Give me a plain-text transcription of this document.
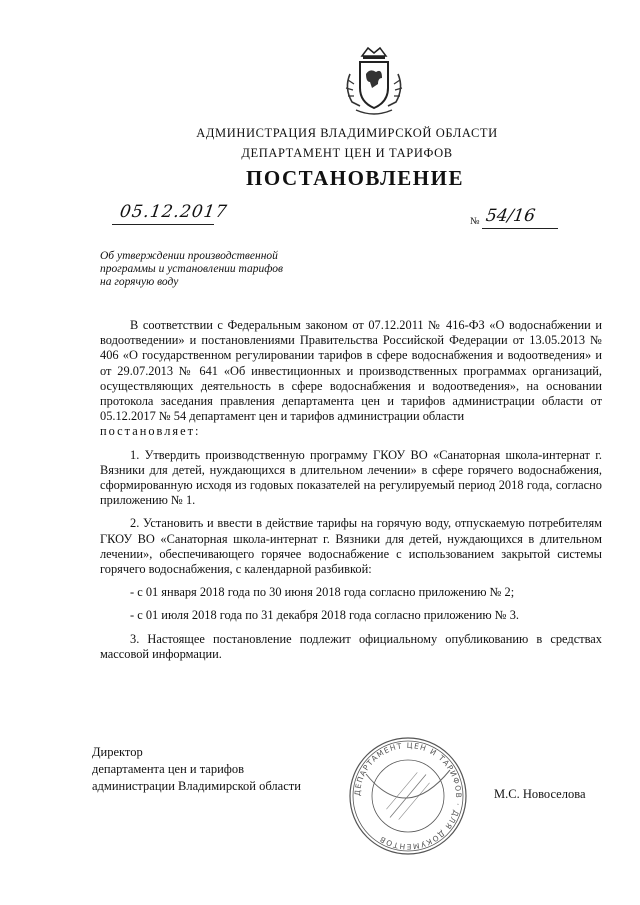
АДМИНИСТРАЦИЯ ВЛАДИМИРСКОЙ ОБЛАСТИ
ДЕПАРТАМЕНТ ЦЕН И ТАРИФОВ
ПОСТАНОВЛЕНИЕ
05.12.2017	№ 54/16
Об утверждении производственной
программы и установлении тарифов
на горячую воду

В соответствии с Федеральным законом от 07.12.2011 № 416-ФЗ «О водоснабжении и водоотведении» и постановлениями Правительства Российской Федерации от 13.05.2013 № 406 «О государственном регулировании тарифов в сфере водоснабжения и водоотведения» и от 29.07.2013 № 641 «Об инвестиционных и производственных программах организаций, осуществляющих деятельность в сфере водоснабжения и водоотведения», на основании протокола заседания правления департамента цен и тарифов администрации области от 05.12.2017 № 54 департамент цен и тарифов администрации области

постановляет:

1. Утвердить производственную программу ГКОУ ВО «Санаторная школа-интернат г. Вязники для детей, нуждающихся в длительном лечении» в сфере горячего водоснабжения, сформированную исходя из годовых показателей на регулируемый период 2018 года, согласно приложению № 1.

2. Установить и ввести в действие тарифы на горячую воду, отпускаемую потребителям ГКОУ ВО «Санаторная школа-интернат г. Вязники для детей, нуждающихся в длительном лечении», обеспечивающего горячее водоснабжение с использованием закрытой системы горячего водоснабжения, с календарной разбивкой:

- с 01 января 2018 года по 30 июня 2018 года согласно приложению № 2;

- с 01 июля 2018 года по 31 декабря 2018 года согласно приложению № 3.

3. Настоящее постановление подлежит официальному опубликованию в средствах массовой информации.

Директор
департамента цен и тарифов
администрации Владимирской области	ДЕПАРТАМЕНТ ЦЕН И ТАРИФОВ · ДЛЯ ДОКУМЕНТОВ
М.С. Новоселова
